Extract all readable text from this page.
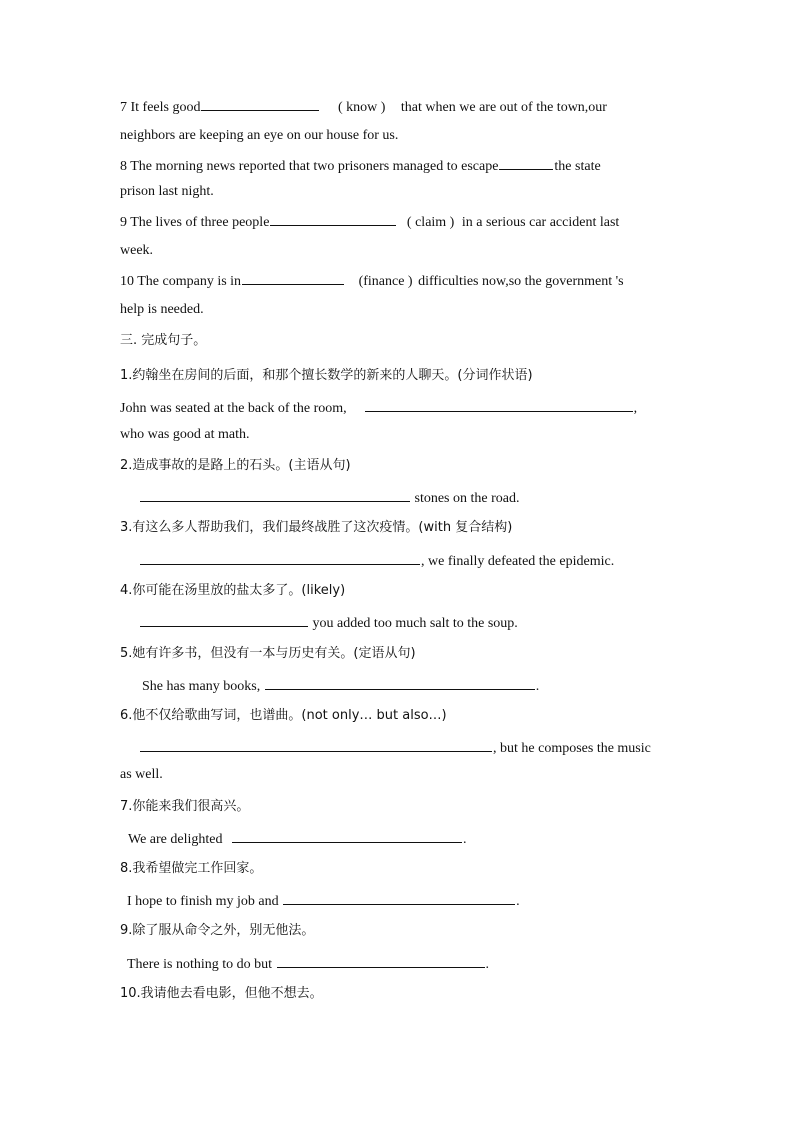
7 It feels good	( know ) that when we are out of the town,our
neighbors are keeping an eye on our house for us.
8 The morning news reported that two prisoners managed to escape	the state
prison last night.
9 The lives of three people	( claim ) in a serious car accident last
week.
10 The company is in	(finance ) difficulties now,so the government 's
help is needed.
三. 完成句子。
1.约翰坐在房间的后面，和那个擅长数学的新来的人聊天。(分词作状语)
John was seated at the back of the room,	,
who was good at math.
2.造成事故的是路上的石头。(主语从句)
stones on the road.
3.有这么多人帮助我们，我们最终战胜了这次疫情。(with 复合结构)
, we finally defeated the epidemic.
4.你可能在汤里放的盐太多了。(likely)
you added too much salt to the soup.
5.她有许多书，但没有一本与历史有关。(定语从句)
She has many books,	.
6.他不仅给歌曲写词，也谱曲。(not only… but also…)
, but he composes the music
as well.
7.你能来我们很高兴。
We are delighted	.
8.我希望做完工作回家。
I hope to finish my job and	.
9.除了服从命令之外，别无他法。
There is nothing to do but	.
10.我请他去看电影，但他不想去。
